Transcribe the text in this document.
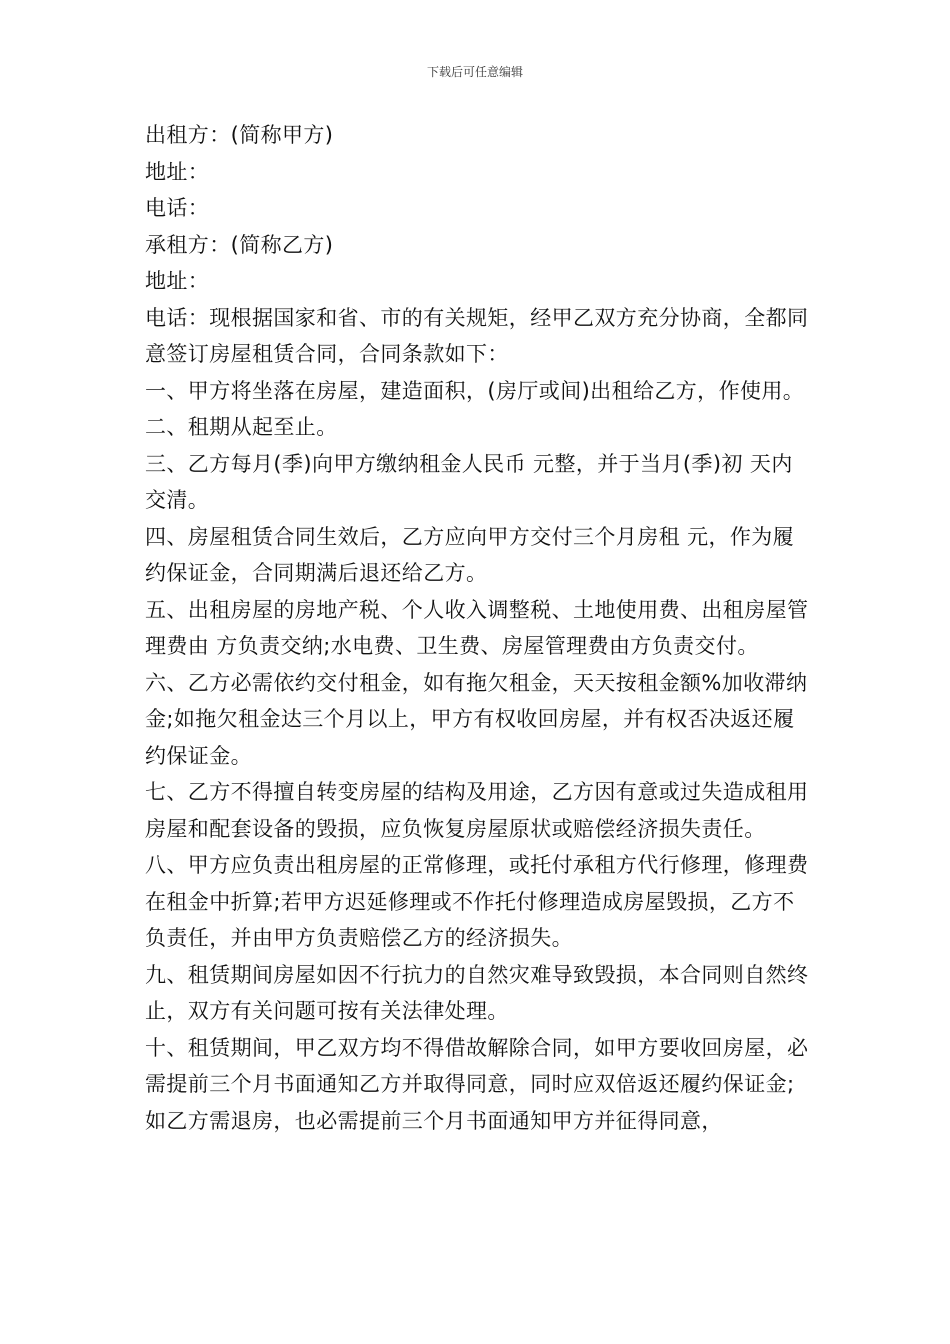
下载后可任意编辑

出租方：(简称甲方)

地址：

电话：

承租方：(简称乙方)

地址：

电话：现根据国家和省、市的有关规矩，经甲乙双方充分协商，全都同意签订房屋租赁合同，合同条款如下：

一、甲方将坐落在房屋，建造面积，(房厅或间)出租给乙方，作使用。

二、租期从起至止。

三、乙方每月(季)向甲方缴纳租金人民币 元整，并于当月(季)初 天内交清。

四、房屋租赁合同生效后，乙方应向甲方交付三个月房租 元，作为履约保证金，合同期满后退还给乙方。

五、出租房屋的房地产税、个人收入调整税、土地使用费、出租房屋管理费由 方负责交纳;水电费、卫生费、房屋管理费由方负责交付。

六、乙方必需依约交付租金，如有拖欠租金，天天按租金额%加收滞纳金;如拖欠租金达三个月以上，甲方有权收回房屋，并有权否决返还履约保证金。

七、乙方不得擅自转变房屋的结构及用途，乙方因有意或过失造成租用房屋和配套设备的毁损，应负恢复房屋原状或赔偿经济损失责任。

八、甲方应负责出租房屋的正常修理，或托付承租方代行修理，修理费在租金中折算;若甲方迟延修理或不作托付修理造成房屋毁损，乙方不负责任，并由甲方负责赔偿乙方的经济损失。

九、租赁期间房屋如因不行抗力的自然灾难导致毁损，本合同则自然终止，双方有关问题可按有关法律处理。

十、租赁期间，甲乙双方均不得借故解除合同，如甲方要收回房屋，必需提前三个月书面通知乙方并取得同意，同时应双倍返还履约保证金;如乙方需退房，也必需提前三个月书面通知甲方并征得同意，
